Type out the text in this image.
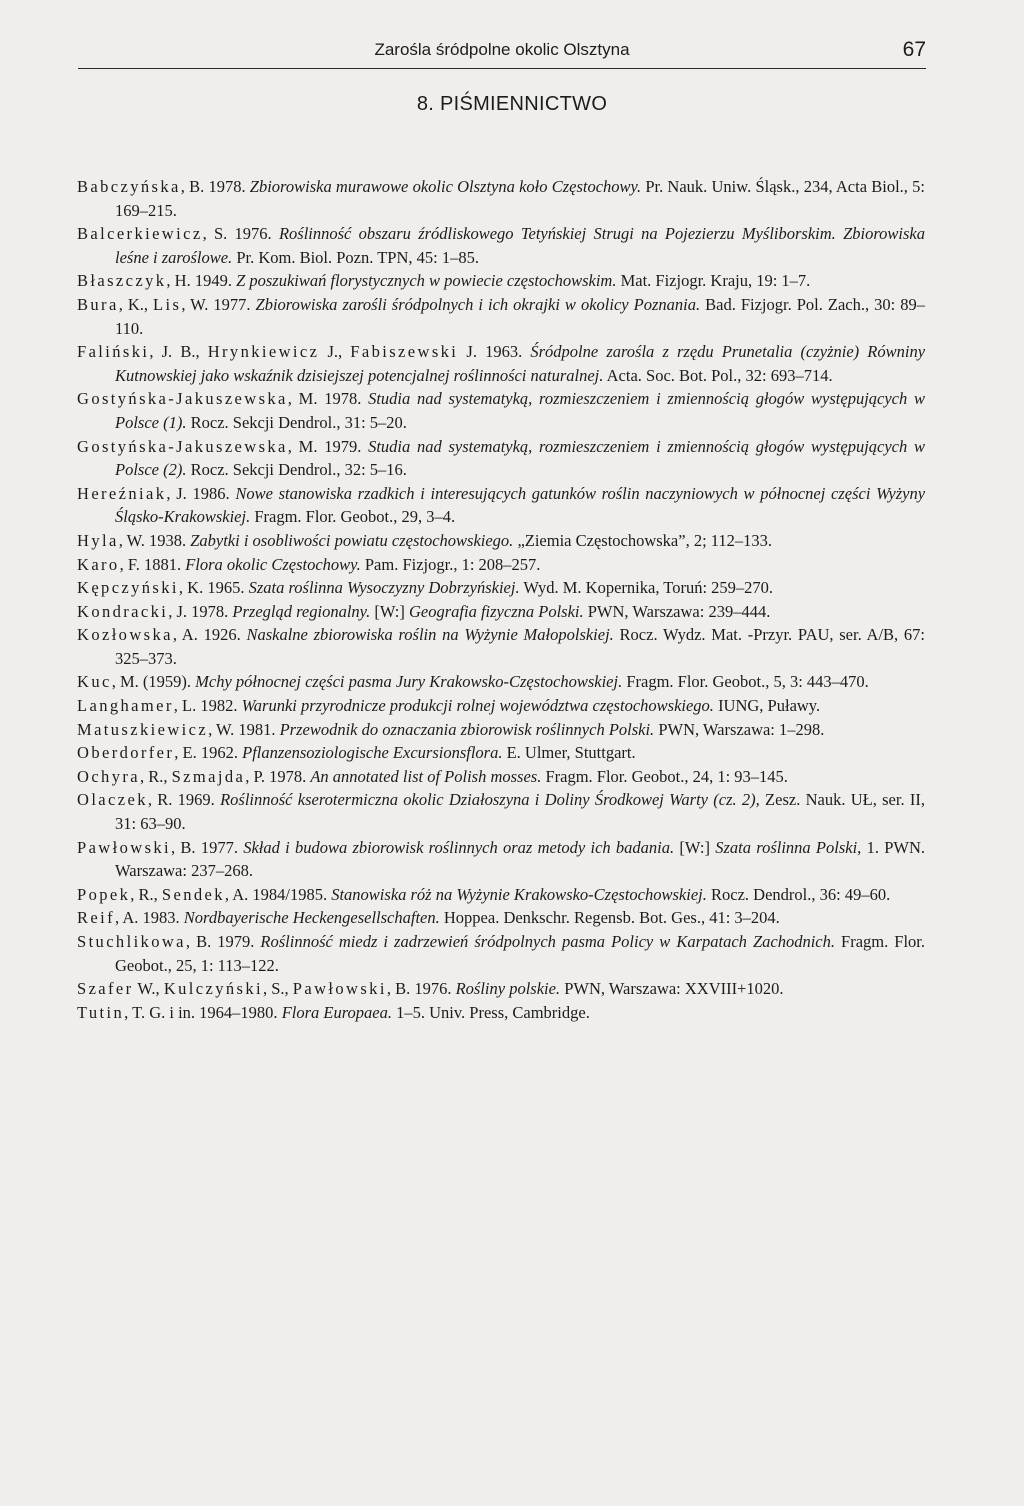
Zarośla śródpolne okolic Olsztyna	67
8. PIŚMIENNICTWO
Babczyńska, B. 1978. Zbiorowiska murawowe okolic Olsztyna koło Częstochowy. Pr. Nauk. Uniw. Śląsk., 234, Acta Biol., 5: 169–215.
Balcerkiewicz, S. 1976. Roślinność obszaru źródliskowego Tetyńskiej Strugi na Pojezierzu Myśliborskim. Zbiorowiska leśne i zaroślowe. Pr. Kom. Biol. Pozn. TPN, 45: 1–85.
Błaszczyk, H. 1949. Z poszukiwań florystycznych w powiecie częstochowskim. Mat. Fizjogr. Kraju, 19: 1–7.
Bura, K., Lis, W. 1977. Zbiorowiska zarośli śródpolnych i ich okrajki w okolicy Poznania. Bad. Fizjogr. Pol. Zach., 30: 89–110.
Faliński, J. B., Hrynkiewicz J., Fabiszewski J. 1963. Śródpolne zarośla z rzędu Prunetalia (czyżnie) Równiny Kutnowskiej jako wskaźnik dzisiejszej potencjalnej roślinności naturalnej. Acta. Soc. Bot. Pol., 32: 693–714.
Gostyńska-Jakuszewska, M. 1978. Studia nad systematyką, rozmieszczeniem i zmiennością głogów występujących w Polsce (1). Rocz. Sekcji Dendrol., 31: 5–20.
Gostyńska-Jakuszewska, M. 1979. Studia nad systematyką, rozmieszczeniem i zmiennością głogów występujących w Polsce (2). Rocz. Sekcji Dendrol., 32: 5–16.
Hereźniak, J. 1986. Nowe stanowiska rzadkich i interesujących gatunków roślin naczyniowych w północnej części Wyżyny Śląsko-Krakowskiej. Fragm. Flor. Geobot., 29, 3–4.
Hyla, W. 1938. Zabytki i osobliwości powiatu częstochowskiego. „Ziemia Częstochowska”, 2; 112–133.
Karo, F. 1881. Flora okolic Częstochowy. Pam. Fizjogr., 1: 208–257.
Kępczyński, K. 1965. Szata roślinna Wysoczyzny Dobrzyńskiej. Wyd. M. Kopernika, Toruń: 259–270.
Kondracki, J. 1978. Przegląd regionalny. [W:] Geografia fizyczna Polski. PWN, Warszawa: 239–444.
Kozłowska, A. 1926. Naskalne zbiorowiska roślin na Wyżynie Małopolskiej. Rocz. Wydz. Mat. -Przyr. PAU, ser. A/B, 67: 325–373.
Kuc, M. (1959). Mchy północnej części pasma Jury Krakowsko-Częstochowskiej. Fragm. Flor. Geobot., 5, 3: 443–470.
Langhamer, L. 1982. Warunki przyrodnicze produkcji rolnej województwa częstochowskiego. IUNG, Puławy.
Matuszkiewicz, W. 1981. Przewodnik do oznaczania zbiorowisk roślinnych Polski. PWN, Warszawa: 1–298.
Oberdorfer, E. 1962. Pflanzensoziologische Excursionsflora. E. Ulmer, Stuttgart.
Ochyra, R., Szmajda, P. 1978. An annotated list of Polish mosses. Fragm. Flor. Geobot., 24, 1: 93–145.
Olaczek, R. 1969. Roślinność kserotermiczna okolic Działoszyna i Doliny Środkowej Warty (cz. 2), Zesz. Nauk. UŁ, ser. II, 31: 63–90.
Pawłowski, B. 1977. Skład i budowa zbiorowisk roślinnych oraz metody ich badania. [W:] Szata roślinna Polski, 1. PWN. Warszawa: 237–268.
Popek, R., Sendek, A. 1984/1985. Stanowiska róż na Wyżynie Krakowsko-Częstochowskiej. Rocz. Dendrol., 36: 49–60.
Reif, A. 1983. Nordbayerische Heckengesellschaften. Hoppea. Denkschr. Regensb. Bot. Ges., 41: 3–204.
Stuchlikowa, B. 1979. Roślinność miedz i zadrzewień śródpolnych pasma Policy w Karpatach Zachodnich. Fragm. Flor. Geobot., 25, 1: 113–122.
Szafer W., Kulczyński, S., Pawłowski, B. 1976. Rośliny polskie. PWN, Warszawa: XXVIII+1020.
Tutin, T. G. i in. 1964–1980. Flora Europaea. 1–5. Univ. Press, Cambridge.
